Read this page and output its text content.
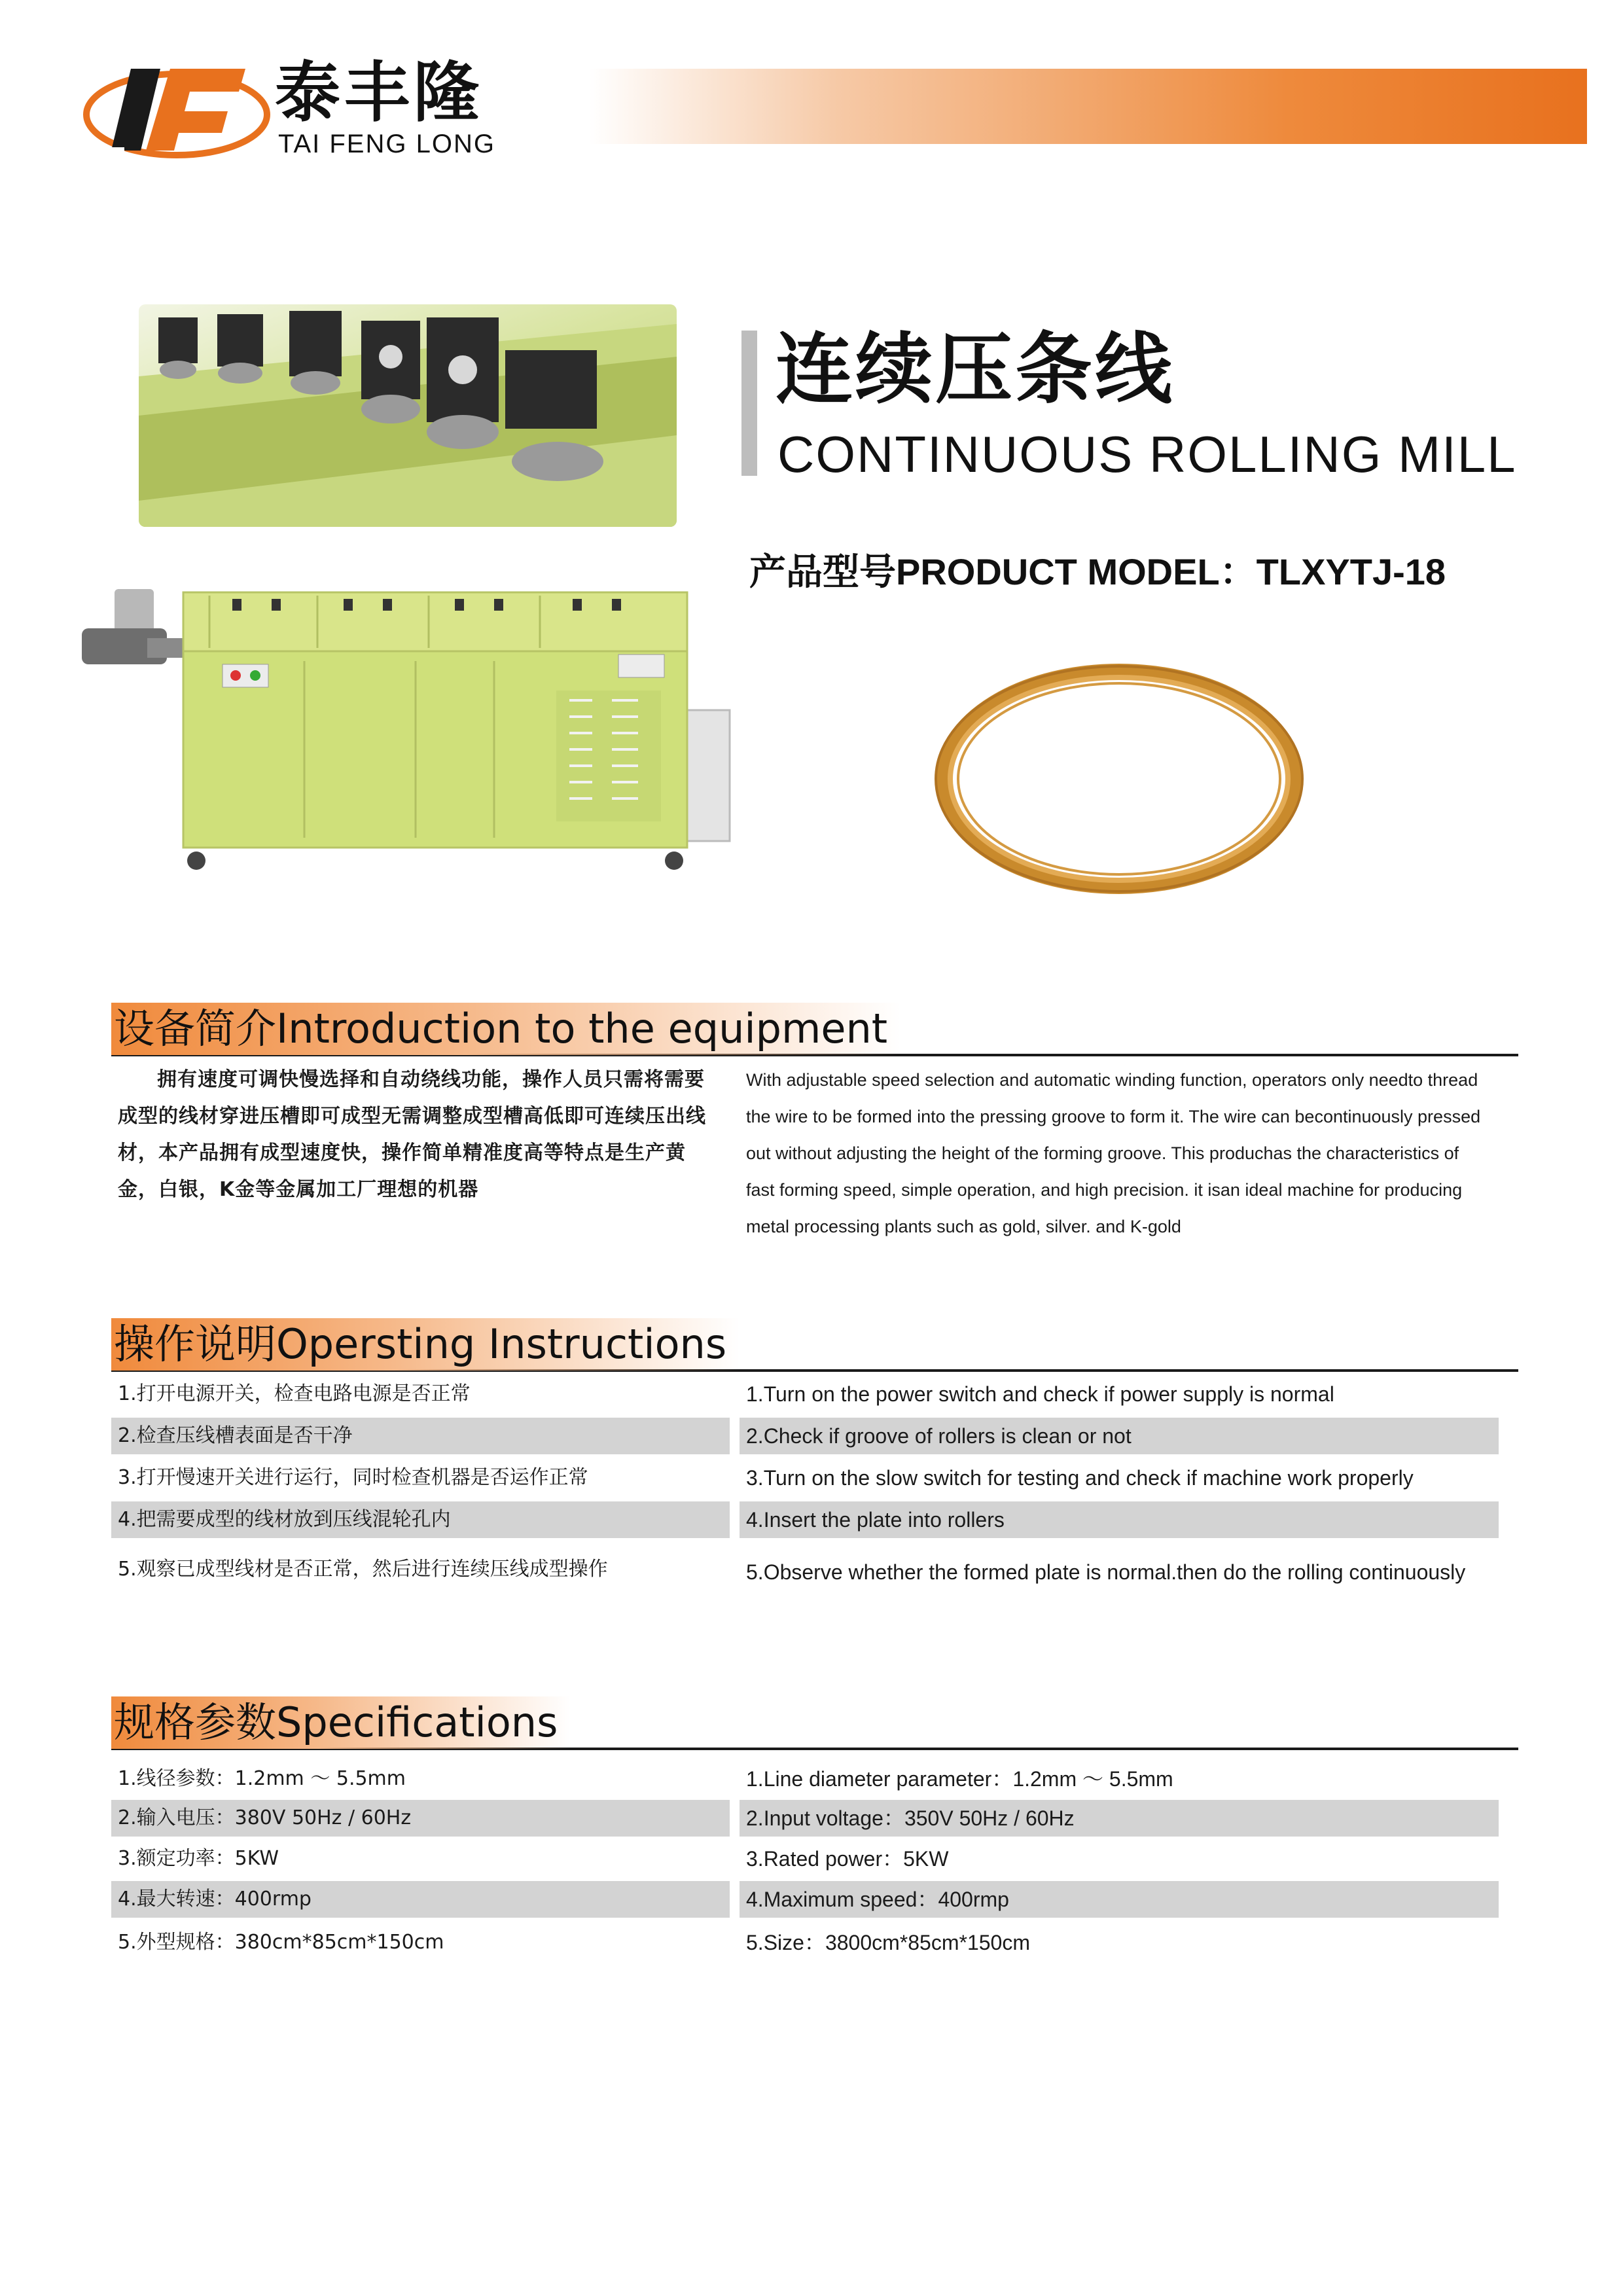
泰丰隆
TAI FENG LONG
连续压条线
CONTINUOUS ROLLING MILL
产品型号PRODUCT MODEL：TLXYTJ-18
设备简介Introduction to the equipment
拥有速度可调快慢选择和自动绕线功能，操作人员只需将需要成型的线材穿进压槽即可成型无需调整成型槽高低即可连续压出线材，本产品拥有成型速度快，操作简单精准度高等特点是生产黄金，白银，K金等金属加工厂理想的机器
With adjustable speed selection and automatic winding function, operators only needto thread the wire to be formed into the pressing groove to form it. The wire can becontinuously pressed out without adjusting the height of the forming groove. This produchas the characteristics of fast forming speed, simple operation, and high precision. it isan ideal machine for producing metal processing plants such as gold, silver. and K-gold
操作说明Opersting Instructions
1.打开电源开关，检查电路电源是否正常
2.检查压线槽表面是否干净
3.打开慢速开关进行运行，同时检查机器是否运作正常
4.把需要成型的线材放到压线混轮孔内
5.观察已成型线材是否正常，然后进行连续压线成型操作
1.Turn on the power switch and check if power supply is normal
2.Check if groove of rollers is clean or not
3.Turn on the slow switch for testing and check if machine work properly
4.Insert the plate into rollers
5.Observe whether the formed plate is normal.then do the rolling continuously
规格参数Specifications
1.线径参数：1.2mm ～ 5.5mm
2.输入电压：380V 50Hz / 60Hz
3.额定功率：5KW
4.最大转速：400rmp
5.外型规格：380cm*85cm*150cm
1.Line diameter parameter：1.2mm ～ 5.5mm
2.Input voltage：350V 50Hz / 60Hz
3.Rated power：5KW
4.Maximum speed：400rmp
5.Size：3800cm*85cm*150cm
